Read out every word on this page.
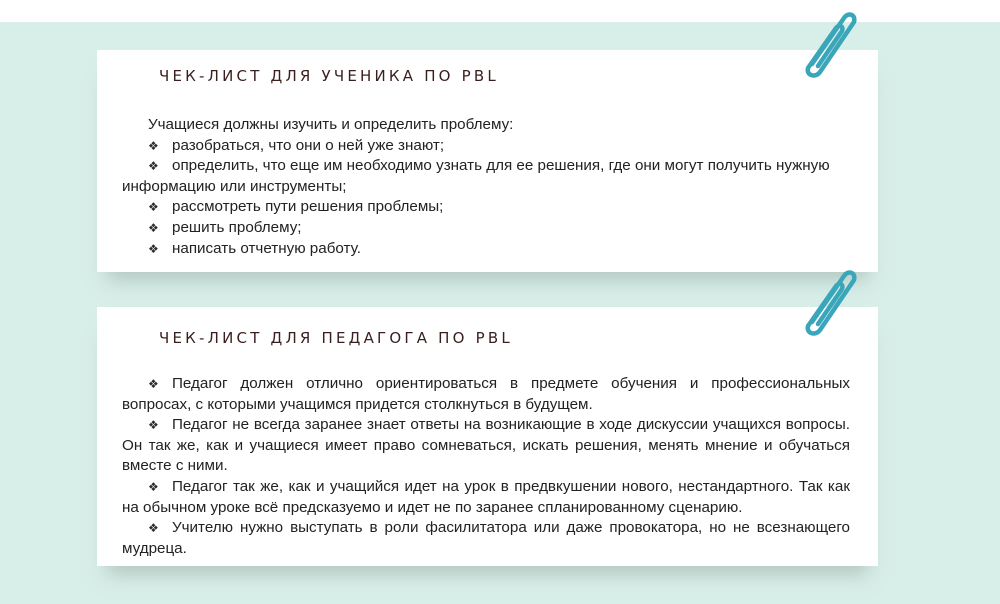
ЧЕК-ЛИСТ ДЛЯ УЧЕНИКА ПО PBL

Учащиеся должны изучить и определить проблему:

❖ разобраться, что они о ней уже знают;

❖ определить, что еще им необходимо узнать для ее решения, где они могут получить нужную информацию или инструменты;

❖ рассмотреть пути решения проблемы;

❖ решить проблему;

❖ написать отчетную работу.

ЧЕК-ЛИСТ ДЛЯ ПЕДАГОГА ПО PBL

❖ Педагог должен отлично ориентироваться в предмете обучения и профессиональных вопросах, с которыми учащимся придется столкнуться в будущем.

❖ Педагог не всегда заранее знает ответы на возникающие в ходе дискуссии учащихся вопросы. Он так же, как и учащиеся имеет право сомневаться, искать решения, менять мнение и обучаться вместе с ними.

❖ Педагог так же, как и учащийся идет на урок в предвкушении нового, нестандартного. Так как на обычном уроке всё предсказуемо и идет не по заранее спланированному сценарию.

❖ Учителю нужно выступать в роли фасилитатора или даже провокатора, но не всезнающего мудреца.
